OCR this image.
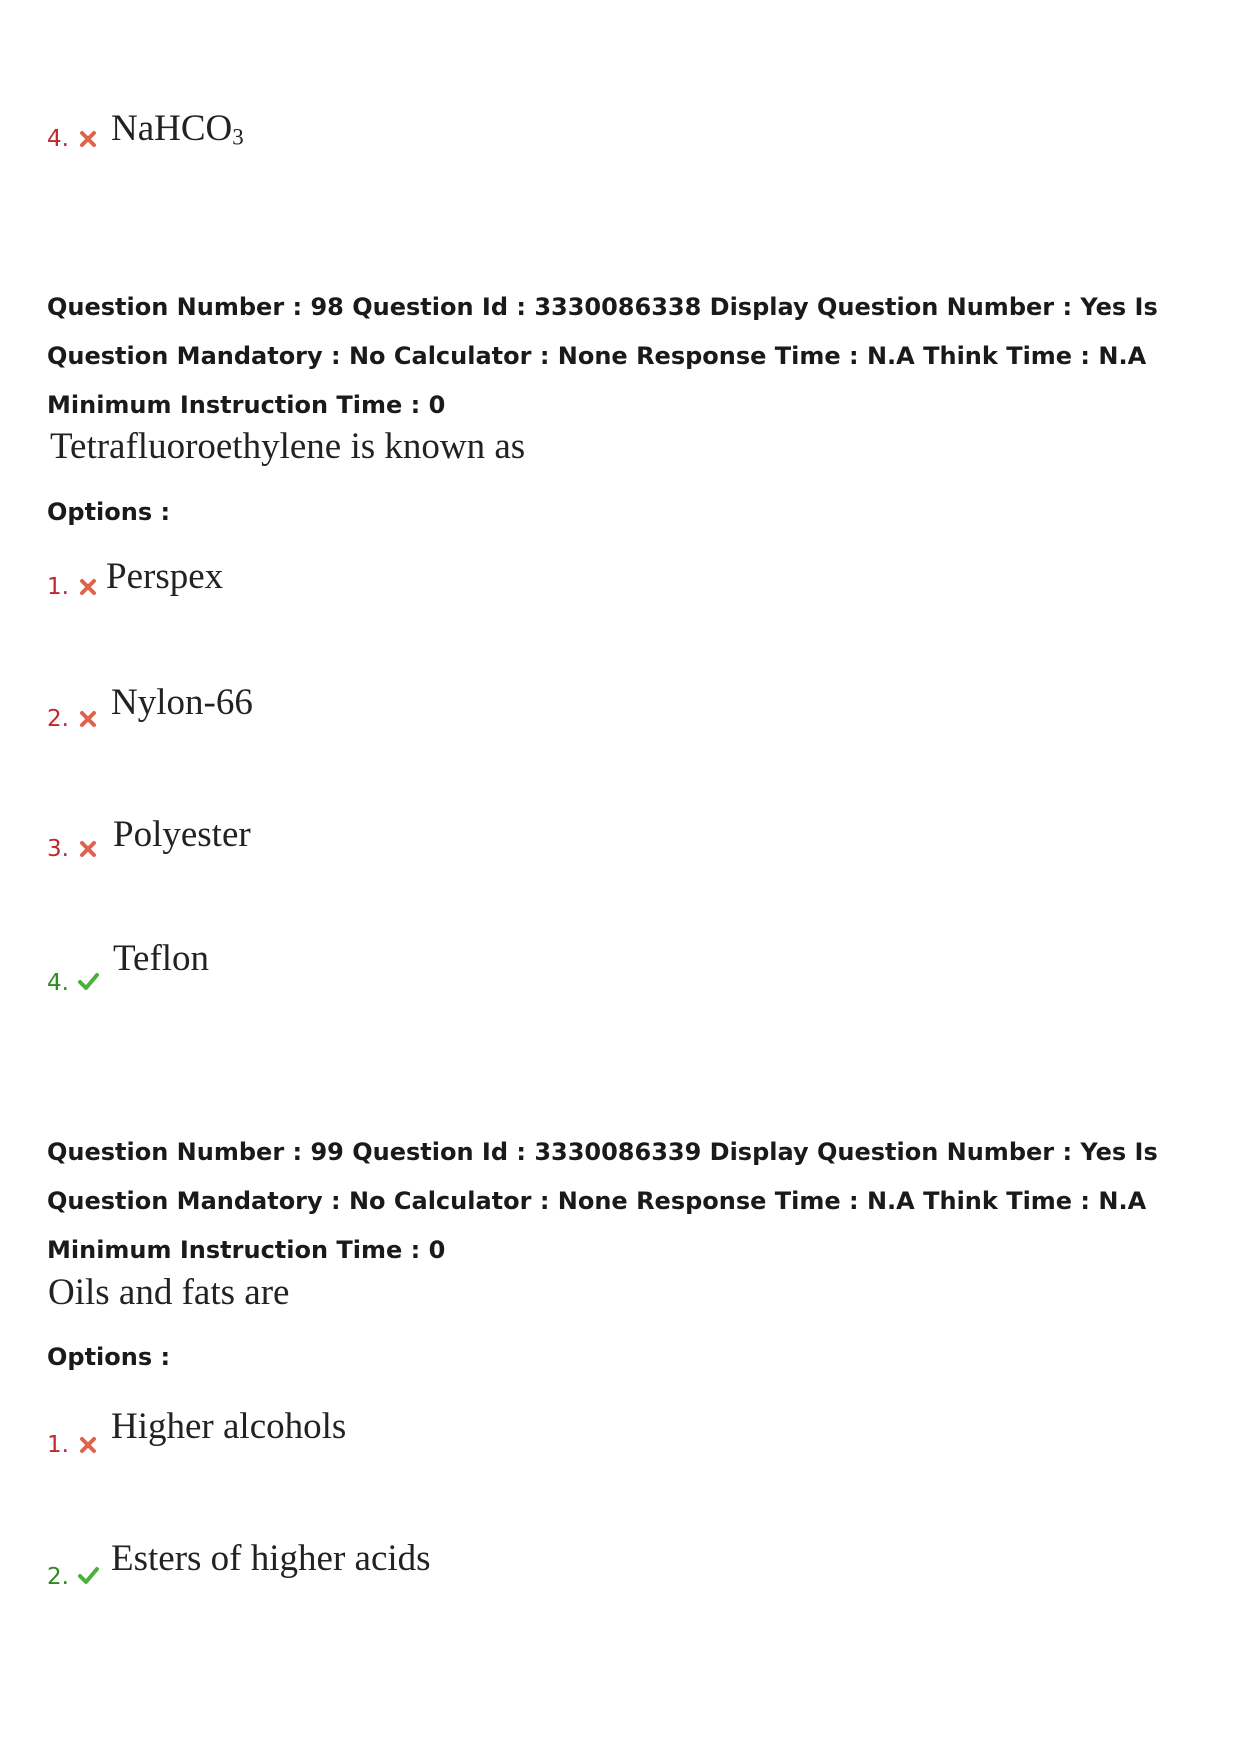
4. NaHCO$_3$
Question Number : 98 Question Id : 3330086338 Display Question Number : Yes Is Question Mandatory : No Calculator : None Response Time : N.A Think Time : N.A Minimum Instruction Time : 0
Tetrafluoroethylene is known as
Options :
1. Perspex
2. Nylon-66
3. Polyester
4.
Teflon
Question Number : 99 Question Id : 3330086339 Display Question Number : Yes Is Question Mandatory : No Calculator : None Response Time : N.A Think Time : N.A Minimum Instruction Time : 0
Oils and fats are
Options :
1. Higher alcohols
2. Esters of higher acids
